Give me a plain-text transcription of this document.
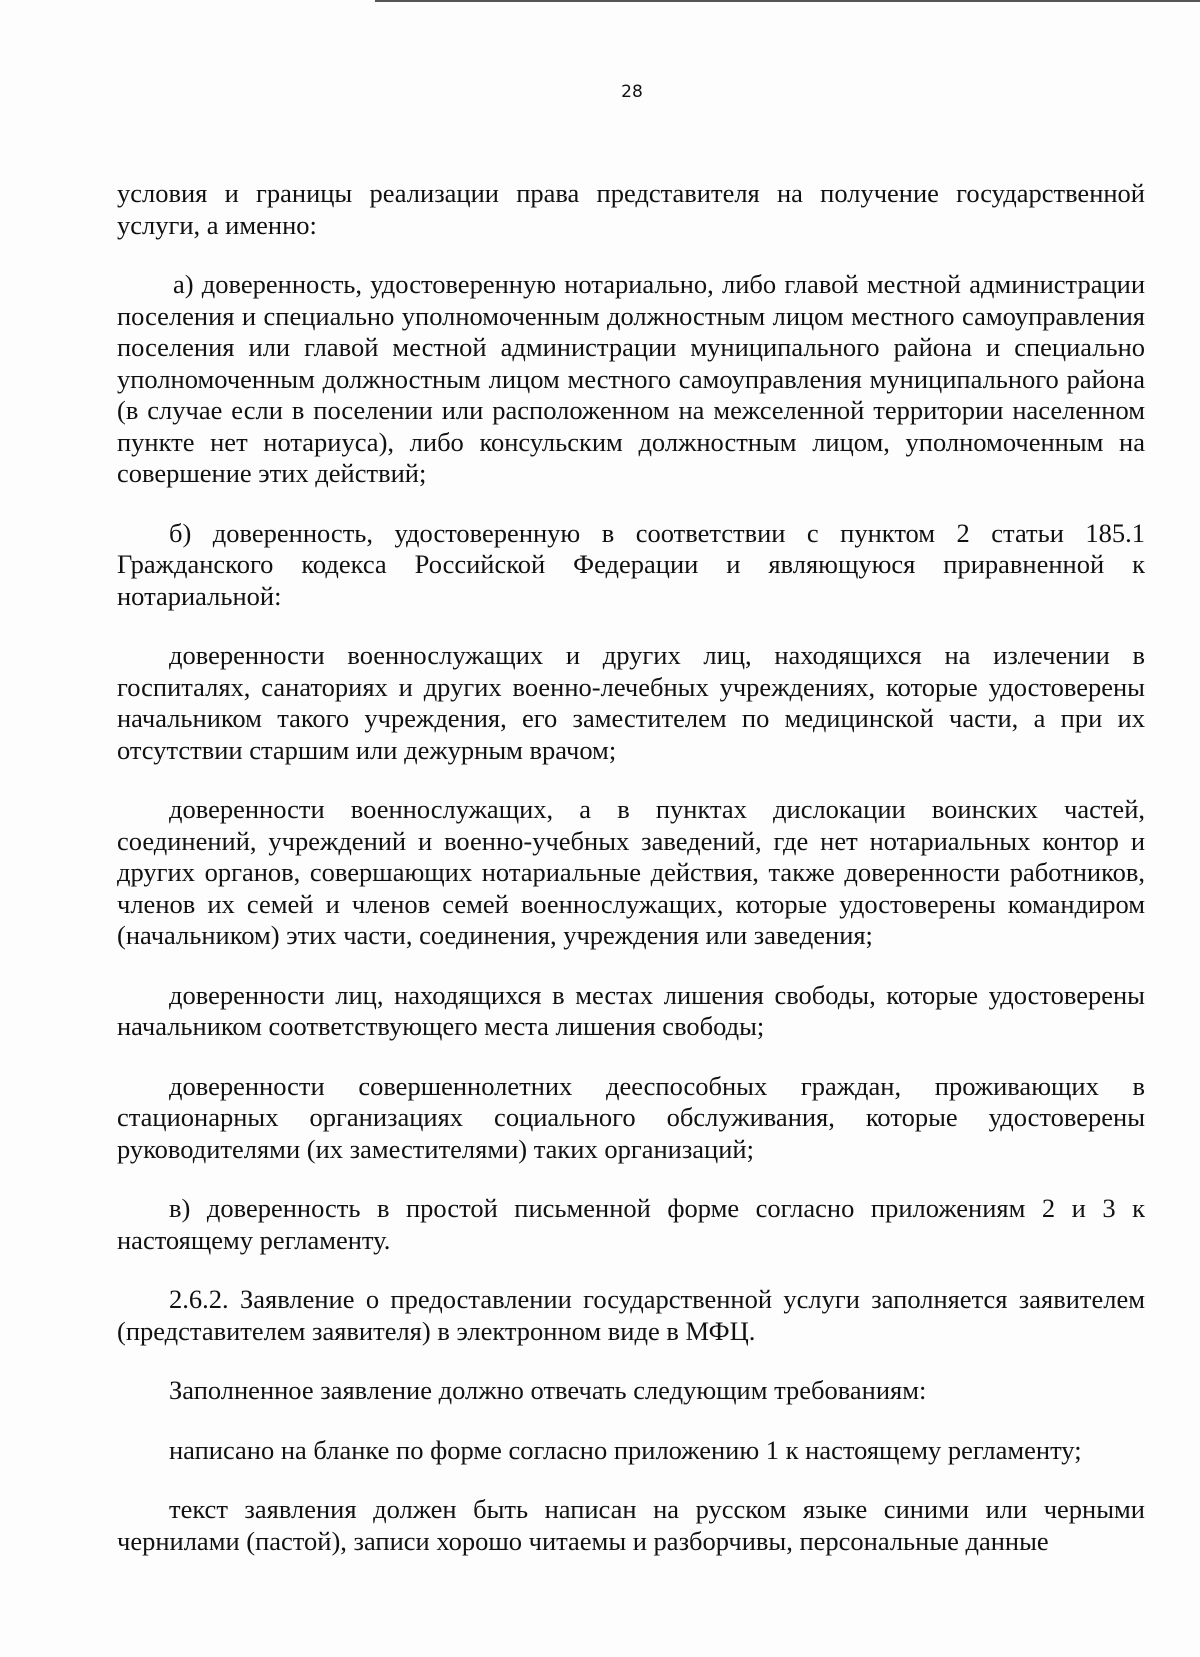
28

условия и границы реализации права представителя на получение государственной услуги, а именно:

а) доверенность, удостоверенную нотариально, либо главой местной администрации поселения и специально уполномоченным должностным лицом местного самоуправления поселения или главой местной администрации муниципального района и специально уполномоченным должностным лицом местного самоуправления муниципального района (в случае если в поселении или расположенном на межселенной территории населенном пункте нет нотариуса), либо консульским должностным лицом, уполномоченным на совершение этих действий;

б) доверенность, удостоверенную в соответствии с пунктом 2 статьи 185.1 Гражданского кодекса Российской Федерации и являющуюся приравненной к нотариальной:

доверенности военнослужащих и других лиц, находящихся на излечении в госпиталях, санаториях и других военно-лечебных учреждениях, которые удостоверены начальником такого учреждения, его заместителем по медицинской части, а при их отсутствии старшим или дежурным врачом;

доверенности военнослужащих, а в пунктах дислокации воинских частей, соединений, учреждений и военно-учебных заведений, где нет нотариальных контор и других органов, совершающих нотариальные действия, также доверенности работников, членов их семей и членов семей военнослужащих, которые удостоверены командиром (начальником) этих части, соединения, учреждения или заведения;

доверенности лиц, находящихся в местах лишения свободы, которые удостоверены начальником соответствующего места лишения свободы;

доверенности совершеннолетних дееспособных граждан, проживающих в стационарных организациях социального обслуживания, которые удостоверены руководителями (их заместителями) таких организаций;

в) доверенность в простой письменной форме согласно приложениям 2 и 3 к настоящему регламенту.

2.6.2. Заявление о предоставлении государственной услуги заполняется заявителем (представителем заявителя) в электронном виде в МФЦ.

Заполненное заявление должно отвечать следующим требованиям:

написано на бланке по форме согласно приложению 1 к настоящему регламенту;

текст заявления должен быть написан на русском языке синими или черными чернилами (пастой), записи хорошо читаемы и разборчивы, персональные данные
